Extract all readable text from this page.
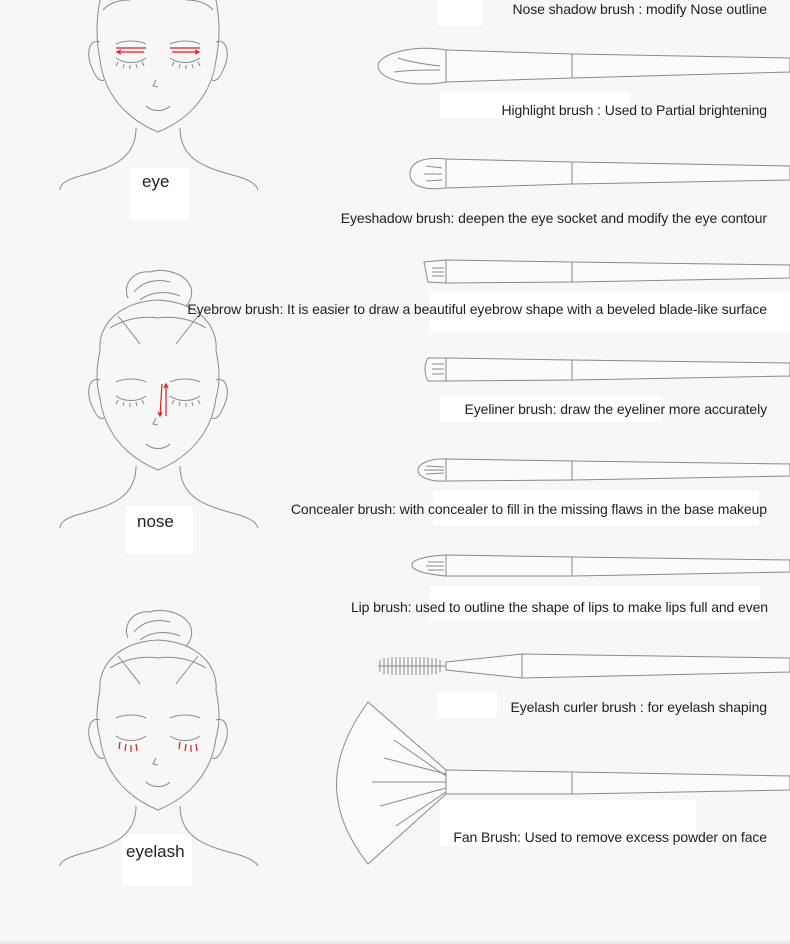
Nose shadow brush : modify Nose outline
Highlight brush : Used to Partial brightening
Eyeshadow brush: deepen the eye socket and modify the eye contour
Eyebrow brush: It is easier to draw a beautiful eyebrow shape with a beveled blade-like surface
Eyeliner brush: draw the eyeliner more accurately
Concealer brush: with concealer to fill in the missing flaws in the base makeup
Lip brush: used to outline the shape of lips to make lips full and even
Eyelash curler brush : for eyelash shaping
Fan Brush: Used to remove excess powder on face
eye
nose
eyelash
